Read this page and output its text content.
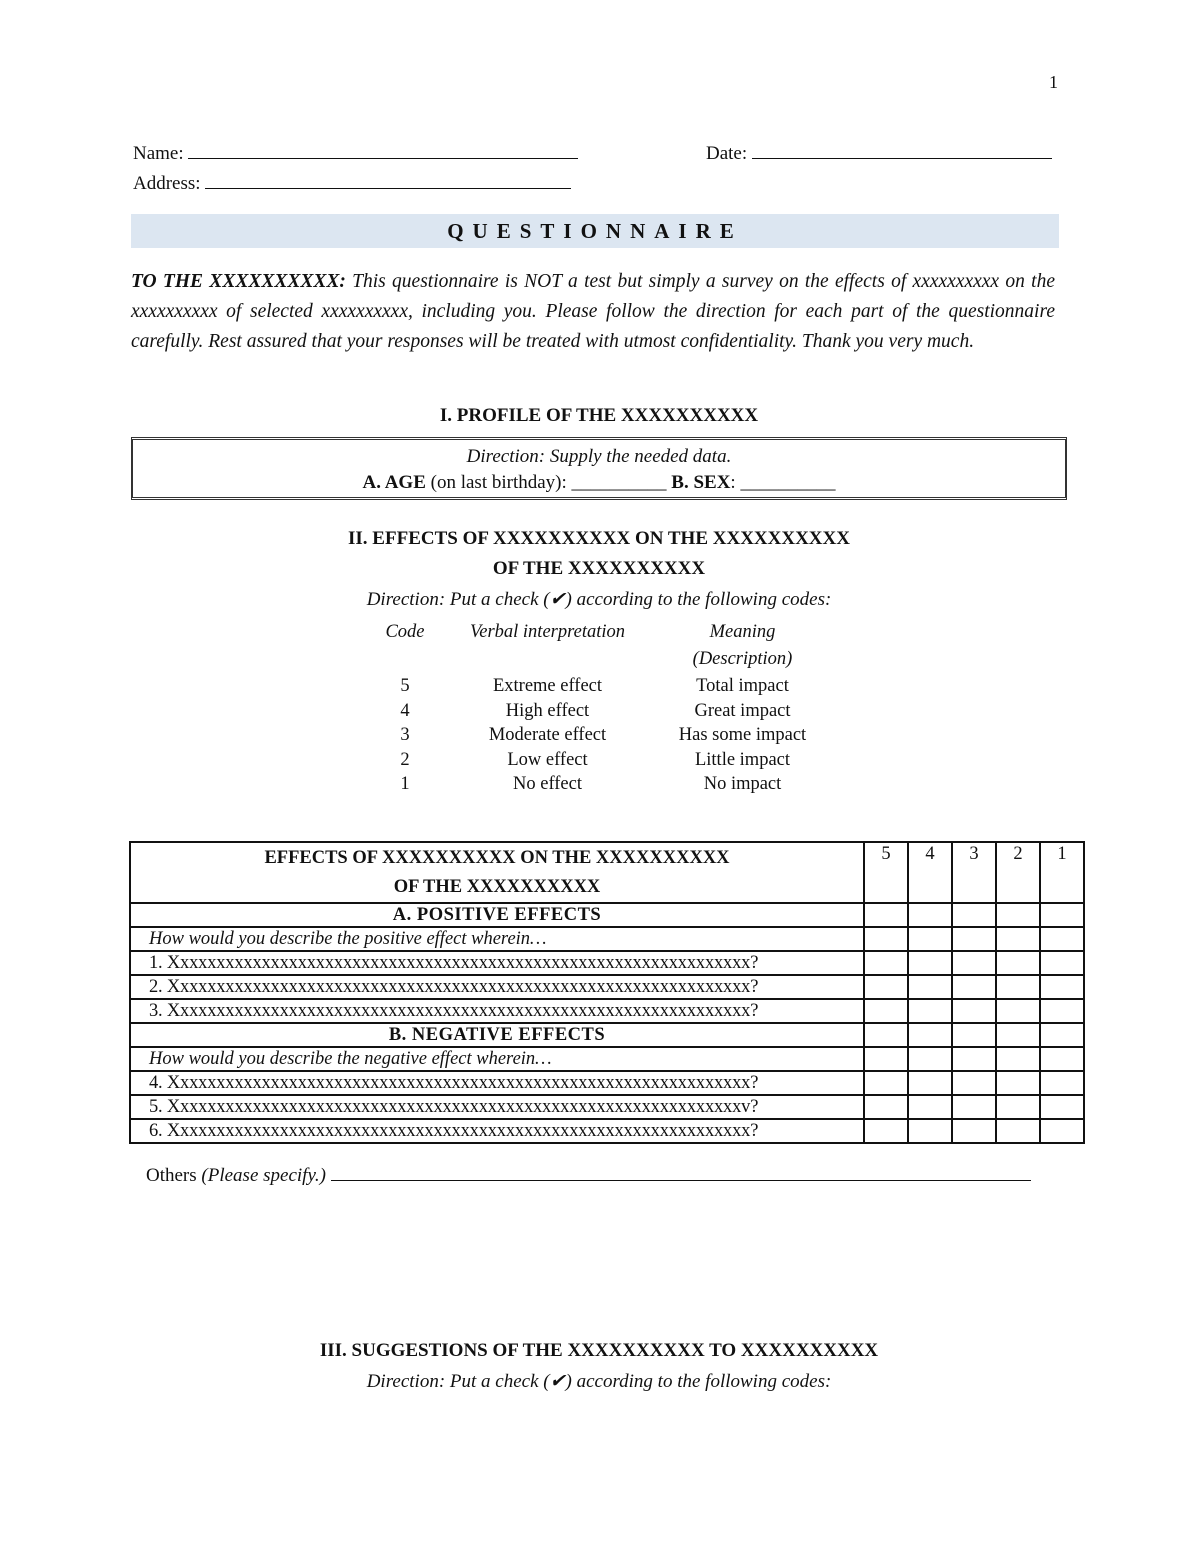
1
Name:	Date:
Address:
QUESTIONNAIRE
TO THE XXXXXXXXXX: This questionnaire is NOT a test but simply a survey on the effects of xxxxxxxxxx on the xxxxxxxxxx of selected xxxxxxxxxx, including you. Please follow the direction for each part of the questionnaire carefully. Rest assured that your responses will be treated with utmost confidentiality. Thank you very much.
I. PROFILE OF THE XXXXXXXXXX
Direction: Supply the needed data.
A. AGE (on last birthday): __________ B. SEX: __________
II. EFFECTS OF XXXXXXXXXX ON THE XXXXXXXXXX
OF THE XXXXXXXXXX
Direction: Put a check (✔) according to the following codes:
Code	Verbal interpretation	Meaning
		(Description)
5	Extreme effect	Total impact
4	High effect	Great impact
3	Moderate effect	Has some impact
2	Low effect	Little impact
1	No effect	No impact
EFFECTS OF XXXXXXXXXX ON THE XXXXXXXXXX
OF THE XXXXXXXXXX	5	4	3	2	1
A. POSITIVE EFFECTS					
How would you describe the positive effect wherein…					
1. Xxxxxxxxxxxxxxxxxxxxxxxxxxxxxxxxxxxxxxxxxxxxxxxxxxxxxxxxxxxxxxxx?					
2. Xxxxxxxxxxxxxxxxxxxxxxxxxxxxxxxxxxxxxxxxxxxxxxxxxxxxxxxxxxxxxxxx?					
3. Xxxxxxxxxxxxxxxxxxxxxxxxxxxxxxxxxxxxxxxxxxxxxxxxxxxxxxxxxxxxxxxx?					
B. NEGATIVE EFFECTS					
How would you describe the negative effect wherein…					
4. Xxxxxxxxxxxxxxxxxxxxxxxxxxxxxxxxxxxxxxxxxxxxxxxxxxxxxxxxxxxxxxxx?					
5. Xxxxxxxxxxxxxxxxxxxxxxxxxxxxxxxxxxxxxxxxxxxxxxxxxxxxxxxxxxxxxxxv?					
6. Xxxxxxxxxxxxxxxxxxxxxxxxxxxxxxxxxxxxxxxxxxxxxxxxxxxxxxxxxxxxxxxx?					
Others (Please specify.)
III. SUGGESTIONS OF THE XXXXXXXXXX TO XXXXXXXXXX
Direction: Put a check (✔) according to the following codes:
